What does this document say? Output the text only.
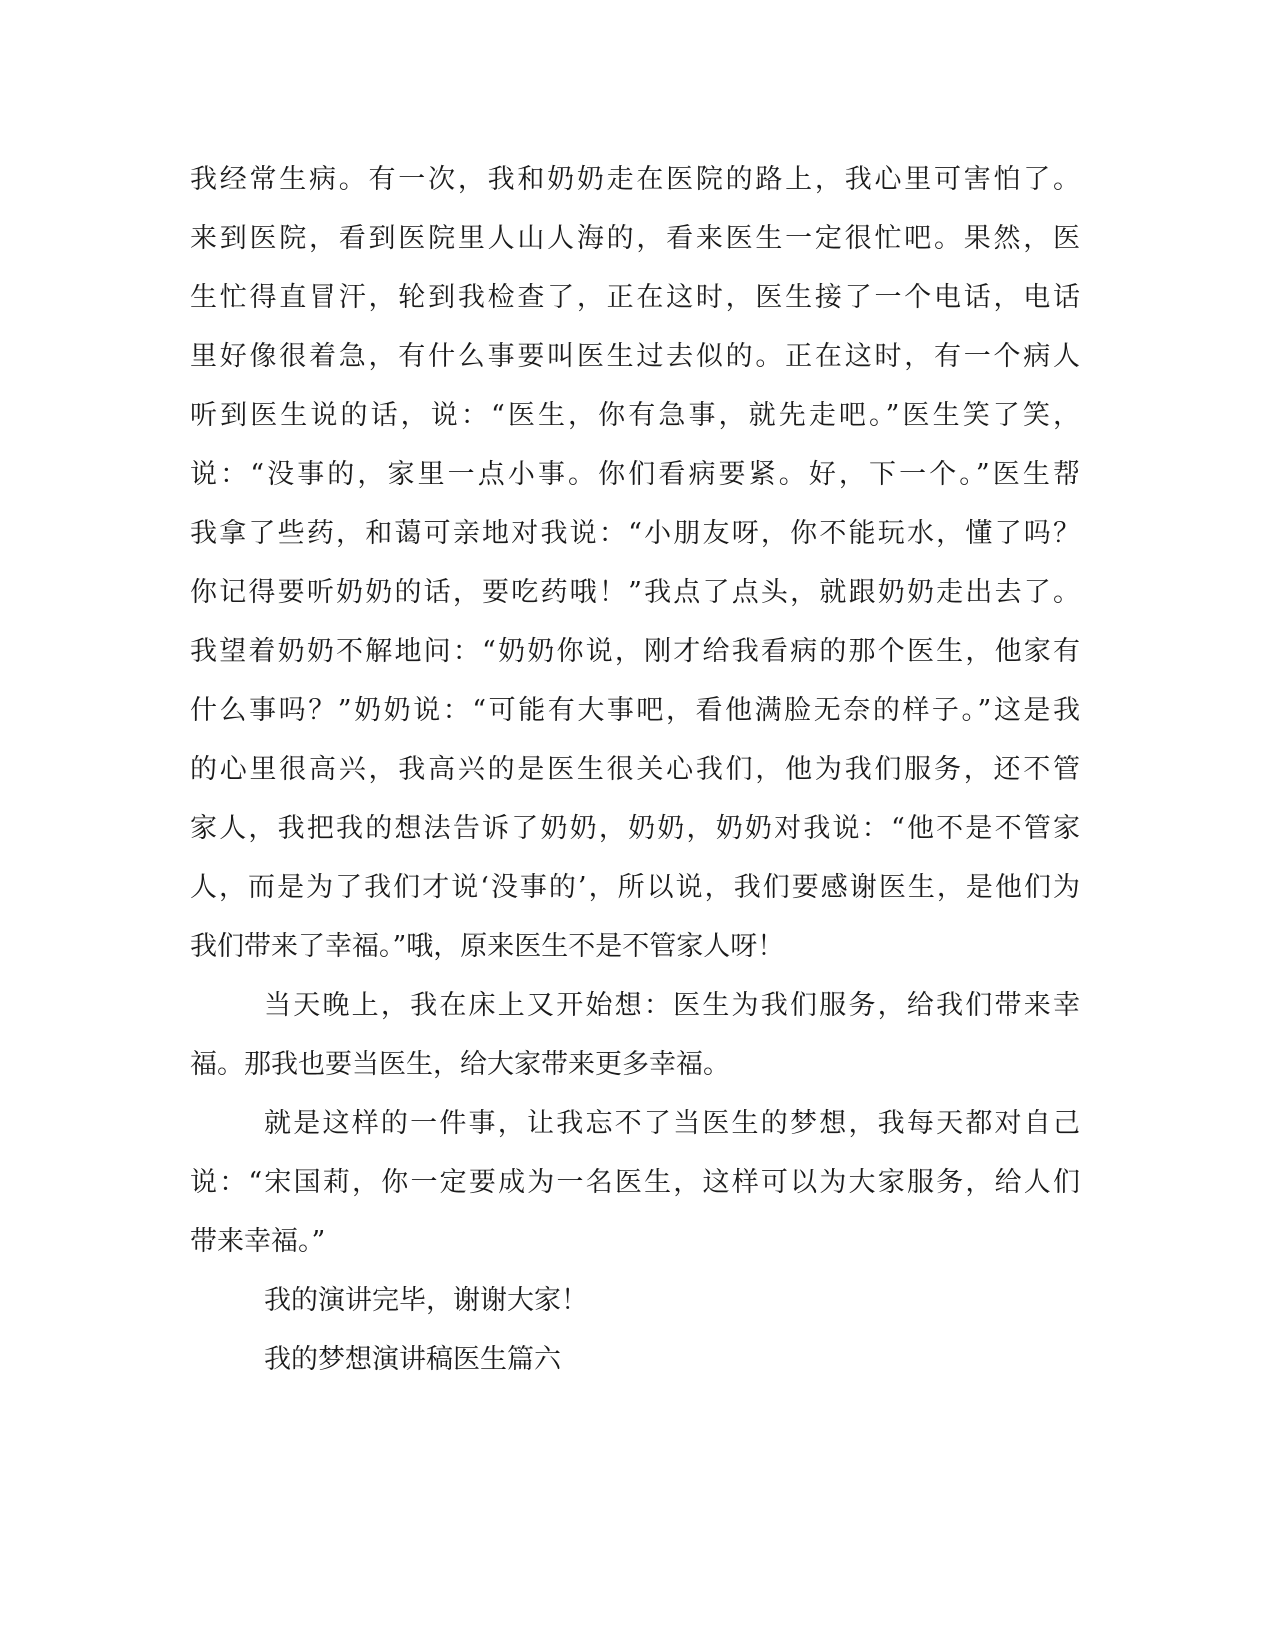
我经常生病。有一次，我和奶奶走在医院的路上，我心里可害怕了。
来到医院，看到医院里人山人海的，看来医生一定很忙吧。果然，医
生忙得直冒汗，轮到我检查了，正在这时，医生接了一个电话，电话
里好像很着急，有什么事要叫医生过去似的。正在这时，有一个病人
听到医生说的话，说：“医生，你有急事，就先走吧。”医生笑了笑，
说：“没事的，家里一点小事。你们看病要紧。好，下一个。”医生帮
我拿了些药，和蔼可亲地对我说：“小朋友呀，你不能玩水，懂了吗？
你记得要听奶奶的话，要吃药哦！”我点了点头，就跟奶奶走出去了。
我望着奶奶不解地问：“奶奶你说，刚才给我看病的那个医生，他家有
什么事吗？”奶奶说：“可能有大事吧，看他满脸无奈的样子。”这是我
的心里很高兴，我高兴的是医生很关心我们，他为我们服务，还不管
家人，我把我的想法告诉了奶奶，奶奶，奶奶对我说：“他不是不管家
人，而是为了我们才说‘没事的’，所以说，我们要感谢医生，是他们为
我们带来了幸福。”哦，原来医生不是不管家人呀！
当天晚上，我在床上又开始想：医生为我们服务，给我们带来幸
福。那我也要当医生，给大家带来更多幸福。
就是这样的一件事，让我忘不了当医生的梦想，我每天都对自己
说：“宋国莉，你一定要成为一名医生，这样可以为大家服务，给人们
带来幸福。”
我的演讲完毕，谢谢大家！
我的梦想演讲稿医生篇六
